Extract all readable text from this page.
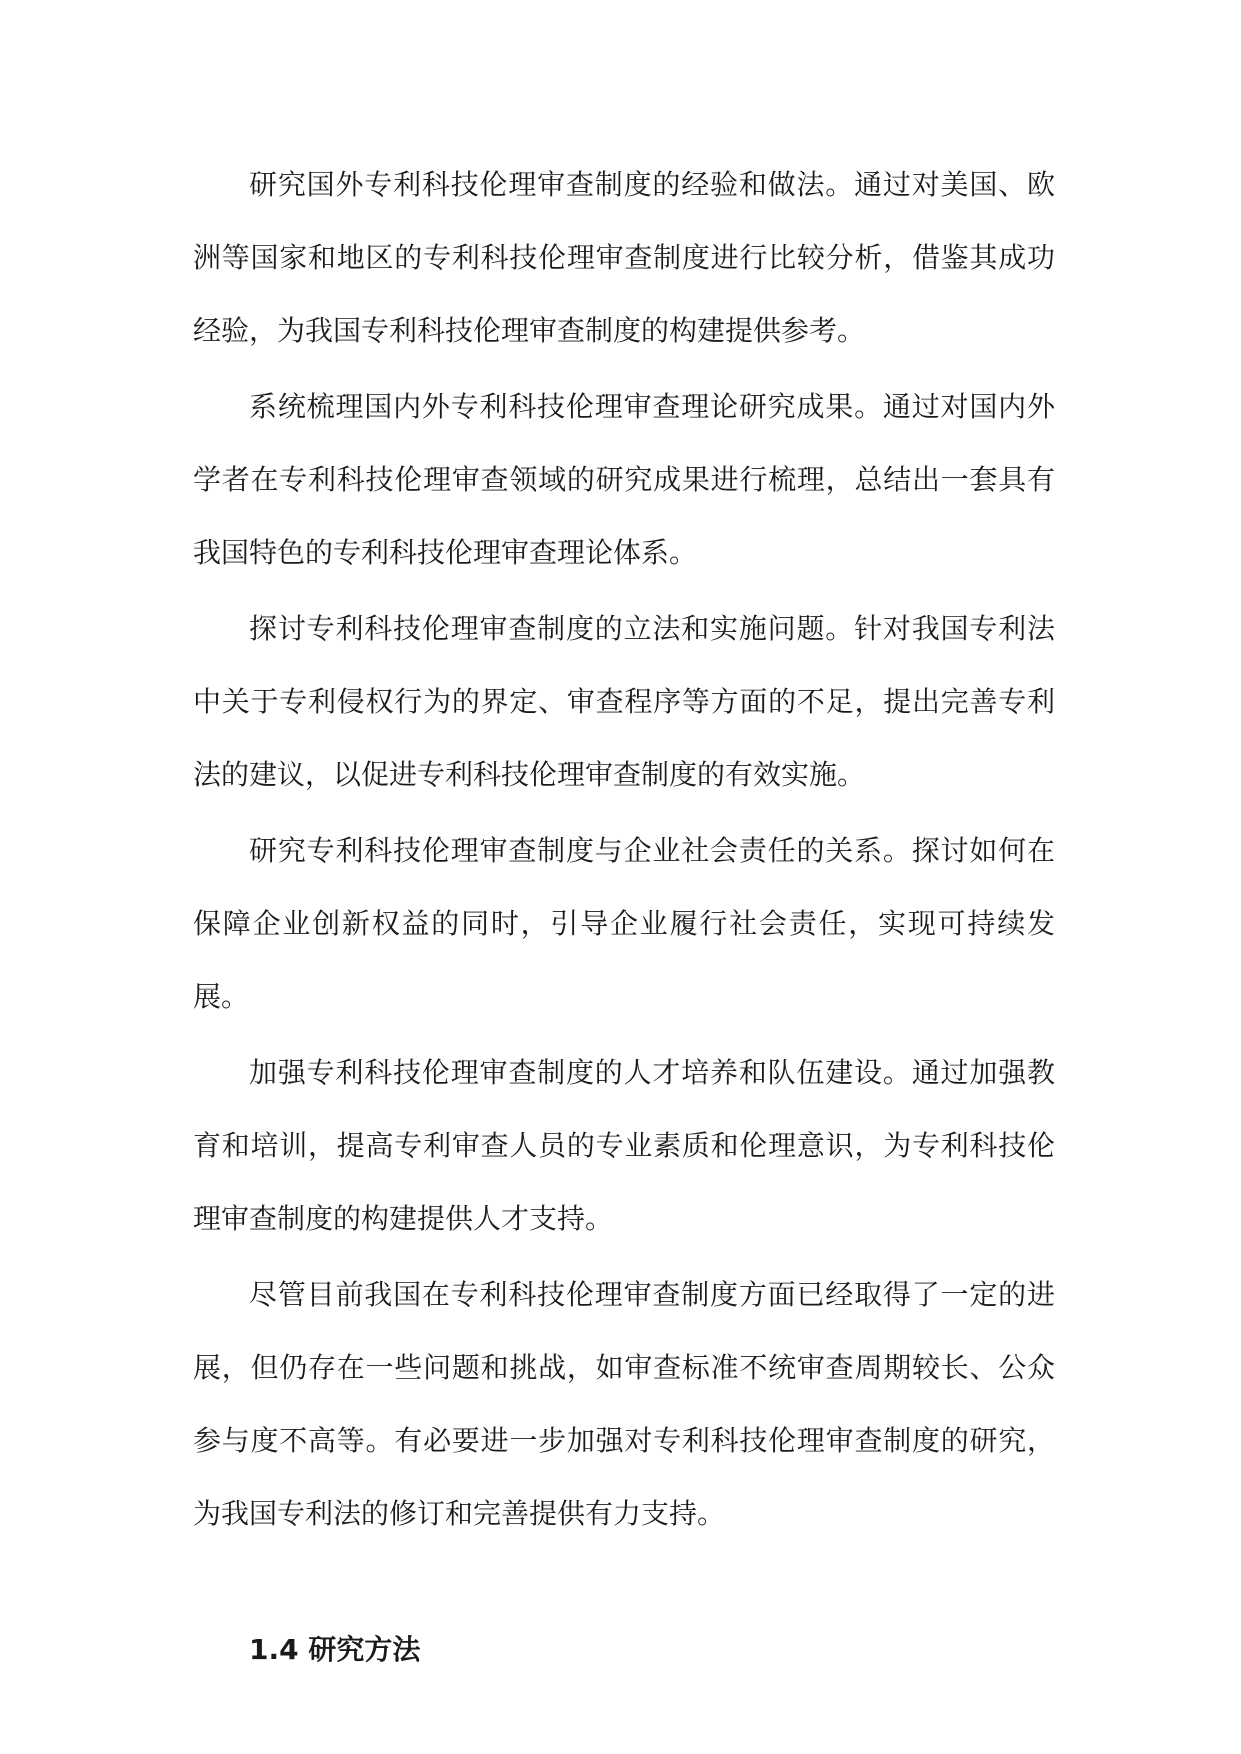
研究国外专利科技伦理审查制度的经验和做法。通过对美国、欧洲等国家和地区的专利科技伦理审查制度进行比较分析，借鉴其成功经验，为我国专利科技伦理审查制度的构建提供参考。

系统梳理国内外专利科技伦理审查理论研究成果。通过对国内外学者在专利科技伦理审查领域的研究成果进行梳理，总结出一套具有我国特色的专利科技伦理审查理论体系。

探讨专利科技伦理审查制度的立法和实施问题。针对我国专利法中关于专利侵权行为的界定、审查程序等方面的不足，提出完善专利法的建议，以促进专利科技伦理审查制度的有效实施。

研究专利科技伦理审查制度与企业社会责任的关系。探讨如何在保障企业创新权益的同时，引导企业履行社会责任，实现可持续发展。

加强专利科技伦理审查制度的人才培养和队伍建设。通过加强教育和培训，提高专利审查人员的专业素质和伦理意识，为专利科技伦理审查制度的构建提供人才支持。

尽管目前我国在专利科技伦理审查制度方面已经取得了一定的进展，但仍存在一些问题和挑战，如审查标准不统审查周期较长、公众参与度不高等。有必要进一步加强对专利科技伦理审查制度的研究，为我国专利法的修订和完善提供有力支持。

1.4 研究方法
